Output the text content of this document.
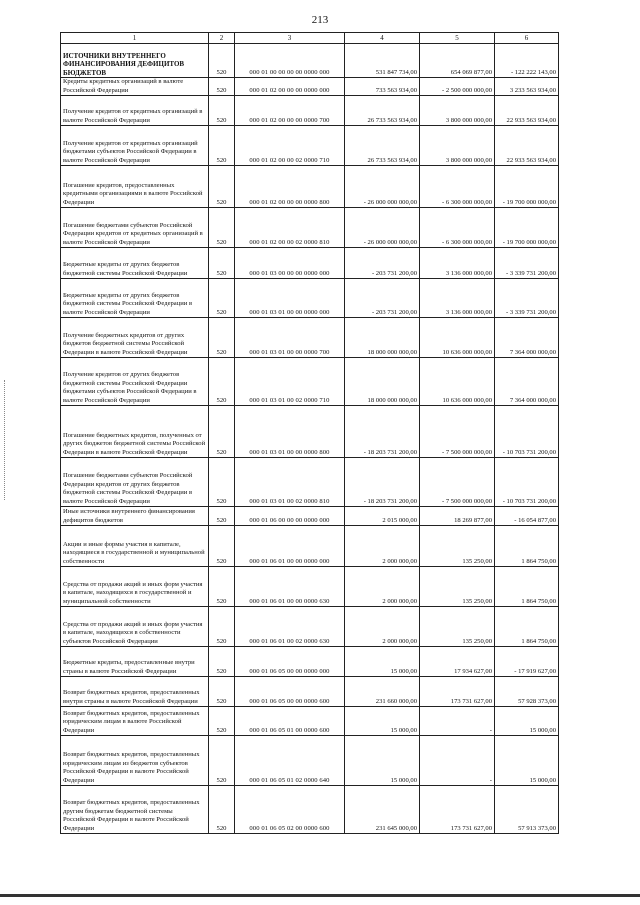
213
1	2	3	4	5	6
ИСТОЧНИКИ ВНУТРЕННЕГО ФИНАНСИРОВАНИЯ ДЕФИЦИТОВ БЮДЖЕТОВ	520	000 01 00 00 00 00 0000 000	531 847 734,00	654 069 877,00	- 122 222 143,00
Кредиты кредитных организаций в валюте Российской Федерации	520	000 01 02 00 00 00 0000 000	733 563 934,00	- 2 500 000 000,00	3 233 563 934,00
Получение кредитов от кредитных организаций в валюте Российской Федерации	520	000 01 02 00 00 00 0000 700	26 733 563 934,00	3 800 000 000,00	22 933 563 934,00
Получение кредитов от кредитных организаций бюджетами субъектов Российской Федерации в валюте Российской Федерации	520	000 01 02 00 00 02 0000 710	26 733 563 934,00	3 800 000 000,00	22 933 563 934,00
Погашение кредитов, предоставленных кредитными организациями в валюте Российской Федерации	520	000 01 02 00 00 00 0000 800	- 26 000 000 000,00	- 6 300 000 000,00	- 19 700 000 000,00
Погашение бюджетами субъектов Российской Федерации кредитов от кредитных организаций в валюте Российской Федерации	520	000 01 02 00 00 02 0000 810	- 26 000 000 000,00	- 6 300 000 000,00	- 19 700 000 000,00
Бюджетные кредиты от других бюджетов бюджетной системы Российской Федерации	520	000 01 03 00 00 00 0000 000	- 203 731 200,00	3 136 000 000,00	- 3 339 731 200,00
Бюджетные кредиты от других бюджетов бюджетной системы Российской Федерации в валюте Российской Федерации	520	000 01 03 01 00 00 0000 000	- 203 731 200,00	3 136 000 000,00	- 3 339 731 200,00
Получение бюджетных кредитов от других бюджетов бюджетной системы Российской Федерации в валюте Российской Федерации	520	000 01 03 01 00 00 0000 700	18 000 000 000,00	10 636 000 000,00	7 364 000 000,00
Получение кредитов от других бюджетов бюджетной системы Российской Федерации бюджетами субъектов Российской Федерации в валюте Российской Федерации	520	000 01 03 01 00 02 0000 710	18 000 000 000,00	10 636 000 000,00	7 364 000 000,00
Погашение бюджетных кредитов, полученных от других бюджетов бюджетной системы Российской Федерации в валюте Российской Федерации	520	000 01 03 01 00 00 0000 800	- 18 203 731 200,00	- 7 500 000 000,00	- 10 703 731 200,00
Погашение бюджетами субъектов Российской Федерации кредитов от других бюджетов бюджетной системы Российской Федерации в валюте Российской Федерации	520	000 01 03 01 00 02 0000 810	- 18 203 731 200,00	- 7 500 000 000,00	- 10 703 731 200,00
Иные источники внутреннего финансирования дефицитов бюджетов	520	000 01 06 00 00 00 0000 000	2 015 000,00	18 269 877,00	- 16 054 877,00
Акции и иные формы участия в капитале, находящиеся в государственной и муниципальной собственности	520	000 01 06 01 00 00 0000 000	2 000 000,00	135 250,00	1 864 750,00
Средства от продажи акций и иных форм участия в капитале, находящихся в государственной и муниципальной собственности	520	000 01 06 01 00 00 0000 630	2 000 000,00	135 250,00	1 864 750,00
Средства от продажи акций и иных форм участия в капитале, находящихся в собственности субъектов Российской Федерации	520	000 01 06 01 00 02 0000 630	2 000 000,00	135 250,00	1 864 750,00
Бюджетные кредиты, предоставленные внутри страны в валюте Российской Федерации	520	000 01 06 05 00 00 0000 000	15 000,00	17 934 627,00	- 17 919 627,00
Возврат бюджетных кредитов, предоставленных внутри страны в валюте Российской Федерации	520	000 01 06 05 00 00 0000 600	231 660 000,00	173 731 627,00	57 928 373,00
Возврат бюджетных кредитов, предоставленных юридическим лицам в валюте Российской Федерации	520	000 01 06 05 01 00 0000 600	15 000,00	-	15 000,00
Возврат бюджетных кредитов, предоставленных юридическим лицам из бюджетов субъектов Российской Федерации в валюте Российской Федерации	520	000 01 06 05 01 02 0000 640	15 000,00	-	15 000,00
Возврат бюджетных кредитов, предоставленных другим бюджетам бюджетной системы Российской Федерации в валюте Российской Федерации	520	000 01 06 05 02 00 0000 600	231 645 000,00	173 731 627,00	57 913 373,00
